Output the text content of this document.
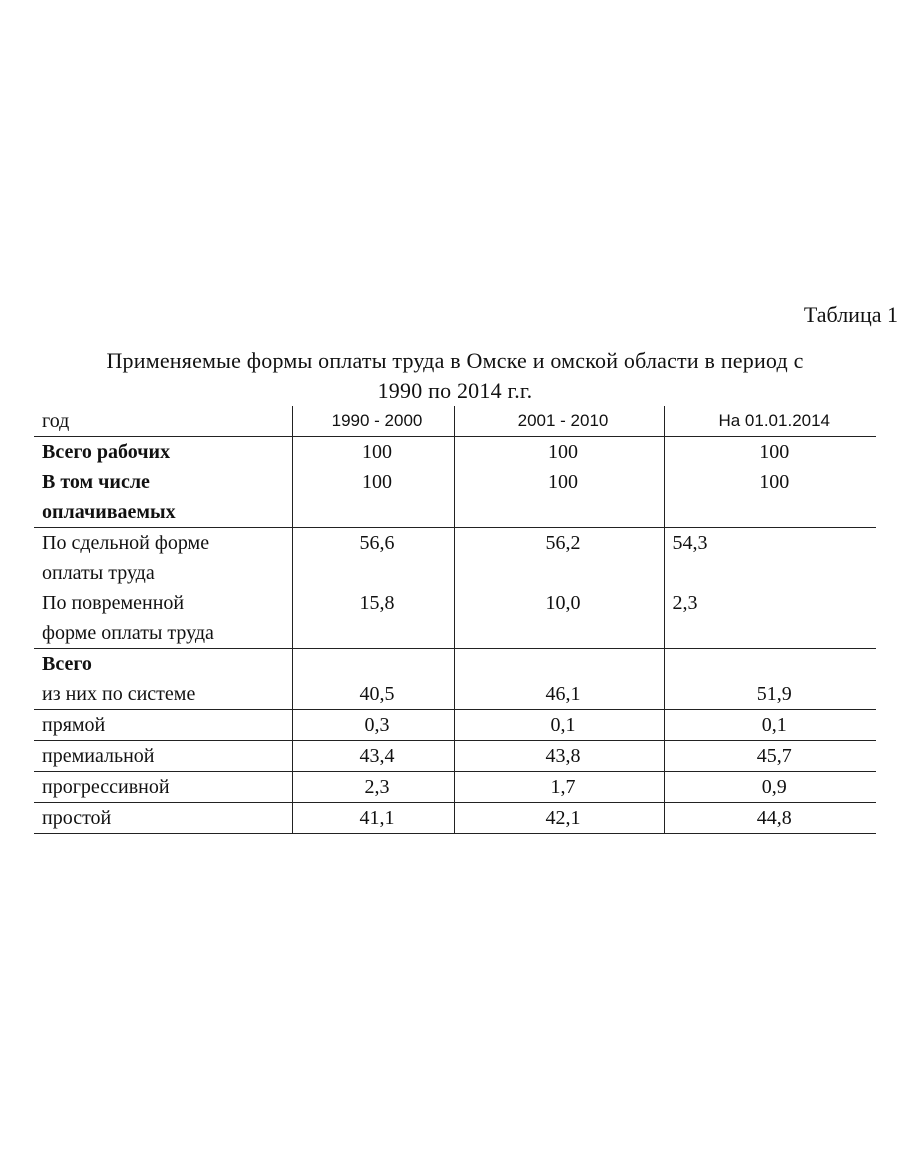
Таблица 1
Применяемые формы оплаты труда в Омске и омской области в период с
1990 по 2014 г.г.
год	1990 - 2000	2001 - 2010	На 01.01.2014
Всего рабочих	100	100	100

В том числе
оплачиваемых	100	100	100

По сдельной форме
оплаты труда	56,6	56,2	54,3

По повременной
форме оплаты труда	15,8	10,0	2,3
Всего			
из них по системе	40,5	46,1	51,9
прямой	0,3	0,1	0,1
премиальной	43,4	43,8	45,7
прогрессивной	2,3	1,7	0,9
простой	41,1	42,1	44,8
